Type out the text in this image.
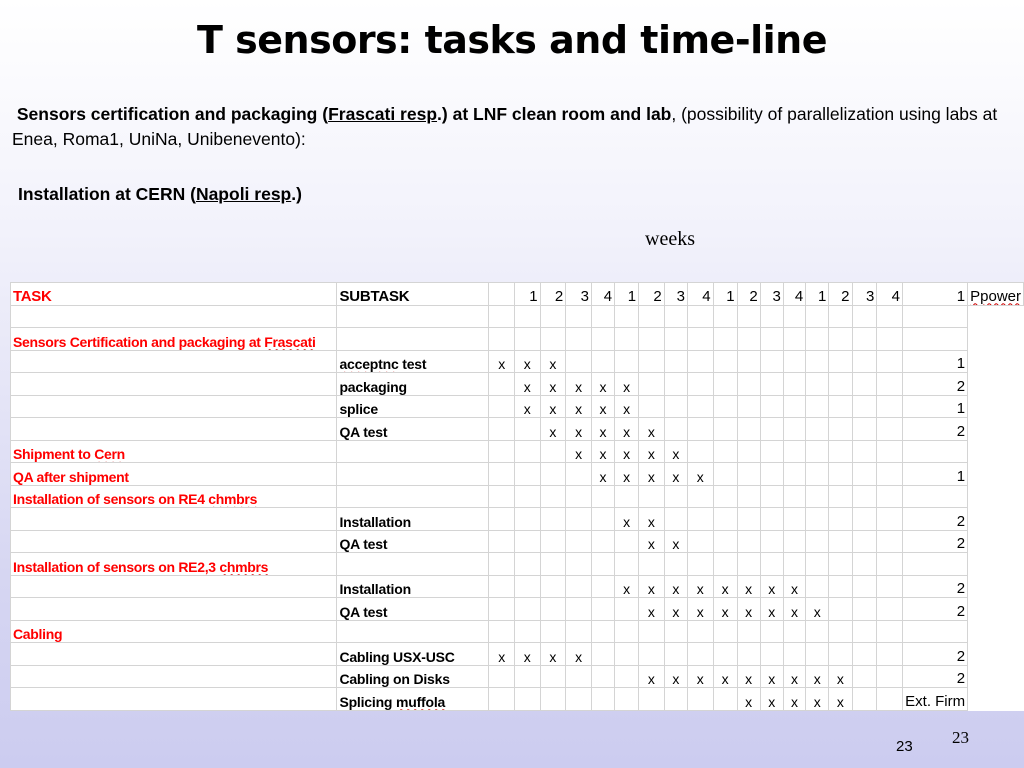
T sensors: tasks and time-line
Sensors certification and packaging (Frascati resp.) at LNF clean room and lab, (possibility of parallelization using labs at Enea, Roma1, UniNa, Unibenevento):
Installation at CERN (Napoli resp.)
weeks
TASK	SUBTASK		1	2	3	4	1	2	3	4	1	2	3	4	1	2	3	4	1	Ppower

Sensors Certification and packaging at Frascati																				
	acceptnc test	x	x	x															1	
	packaging		x	x	x	x	x												2	
	splice		x	x	x	x	x												1	
	QA test			x	x	x	x	x											2	
Shipment to Cern					x	x	x	x	x											
QA after shipment						x	x	x	x	x									1	
Installation of sensors on RE4 chmbrs																				
	Installation						x	x											2	
	QA test							x	x										2	
Installation of sensors on RE2,3 chmbrs																				
	Installation						x	x	x	x	x	x	x	x					2	
	QA test							x	x	x	x	x	x	x	x				2	
Cabling																				
	Cabling USX-USC	x	x	x	x														2	
	Cabling on Disks							x	x	x	x	x	x	x	x	x			2	
	Splicing muffola											x	x	x	x	x			Ext. Firm	
23
23
